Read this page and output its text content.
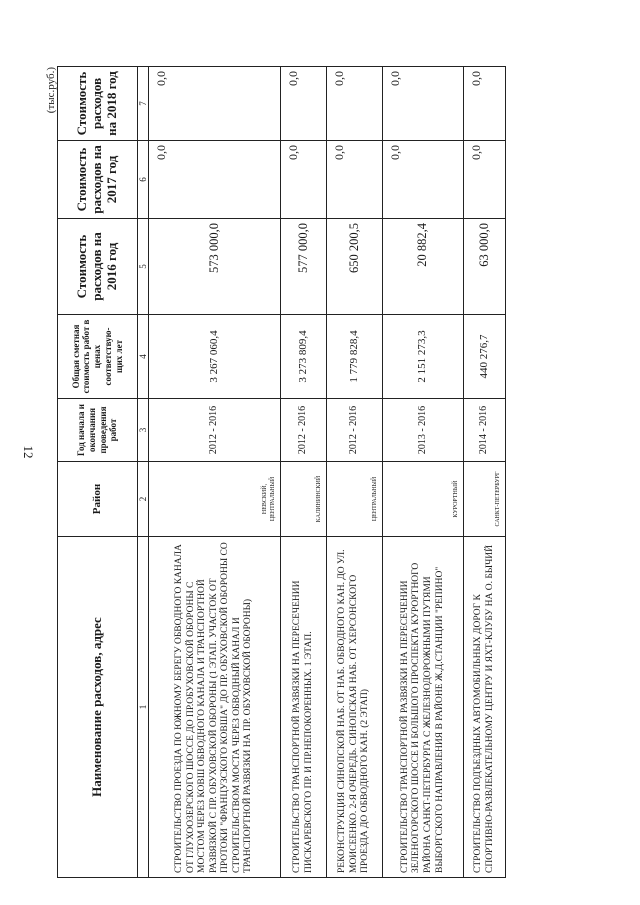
12
(тыс.руб.)
Наименование расходов, адрес	Район	Год начала и окончания проведения работ	Общая сметная стоимость работ в ценах соответствую-щих лет	Стоимость расходов на 2016 год	Стоимость расходов на 2017 год	Стоимость расходов на 2018 год
1	2	3	4	5	6	7
СТРОИТЕЛЬСТВО ПРОЕЗДА ПО ЮЖНОМУ БЕРЕГУ ОБВОДНОГО КАНАЛА ОТ ГЛУХООЗЕРСКОГО ШОССЕ ДО ПР.ОБУХОВСКОЙ ОБОРОНЫ С МОСТОМ ЧЕРЕЗ КОВШ ОБВОДНОГО КАНАЛА И ТРАНСПОРТНОЙ РАЗВЯЗКОЙ С ПР. ОБУХОВСКОЙ ОБОРОНЫ (1 ЭТАП. УЧАСТОК ОТ ПРОТОКИ "ФРАНЦУЗСКОГО КОВША" ДО ПР. ОБУХОВСКОЙ ОБОРОНЫ СО СТРОИТЕЛЬСТВОМ МОСТА ЧЕРЕЗ ОБВОДНЫЙ КАНАЛ И ТРАНСПОРТНОЙ РАЗВЯЗКИ НА ПР. ОБУХОВСКОЙ ОБОРОНЫ)	НЕВСКИЙ, ЦЕНТРАЛЬНЫЙ	2012 - 2016	3 267 060,4	573 000,0	0,0	0,0
СТРОИТЕЛЬСТВО ТРАНСПОРТНОЙ РАЗВЯЗКИ НА ПЕРЕСЕЧЕНИИ ПИСКАРЕВСКОГО ПР. И ПР.НЕПОКОРЕННЫХ. 1 ЭТАП.	КАЛИНИНСКИЙ	2012 - 2016	3 273 809,4	577 000,0	0,0	0,0
РЕКОНСТРУКЦИЯ СИНОПСКОЙ НАБ. ОТ НАБ. ОБВОДНОГО КАН. ДО УЛ. МОИСЕЕНКО. 2-Я ОЧЕРЕДЬ. СИНОПСКАЯ НАБ. ОТ ХЕРСОНСКОГО ПРОЕЗДА ДО ОБВОДНОГО КАН. (2 ЭТАП)	ЦЕНТРАЛЬНЫЙ	2012 - 2016	1 779 828,4	650 200,5	0,0	0,0
СТРОИТЕЛЬСТВО ТРАНСПОРТНОЙ РАЗВЯЗКИ НА ПЕРЕСЕЧЕНИИ ЗЕЛЕНОГОРСКОГО ШОССЕ И БОЛЬШОГО ПРОСПЕКТА КУРОРТНОГО РАЙОНА САНКТ-ПЕТЕРБУРГА С ЖЕЛЕЗНОДОРОЖНЫМИ ПУТЯМИ ВЫБОРГСКОГО НАПРАВЛЕНИЯ В РАЙОНЕ Ж.Д.СТАНЦИИ "РЕПИНО"	КУРОРТНЫЙ	2013 - 2016	2 151 273,3	20 882,4	0,0	0,0
СТРОИТЕЛЬСТВО ПОДЪЕЗДНЫХ АВТОМОБИЛЬНЫХ ДОРОГ К СПОРТИВНО-РАЗВЛЕКАТЕЛЬНОМУ ЦЕНТРУ И ЯХТ-КЛУБУ НА О. БЫЧИЙ	САНКТ-ПЕТЕРБУРГ	2014 - 2016	440 276,7	63 000,0	0,0	0,0
